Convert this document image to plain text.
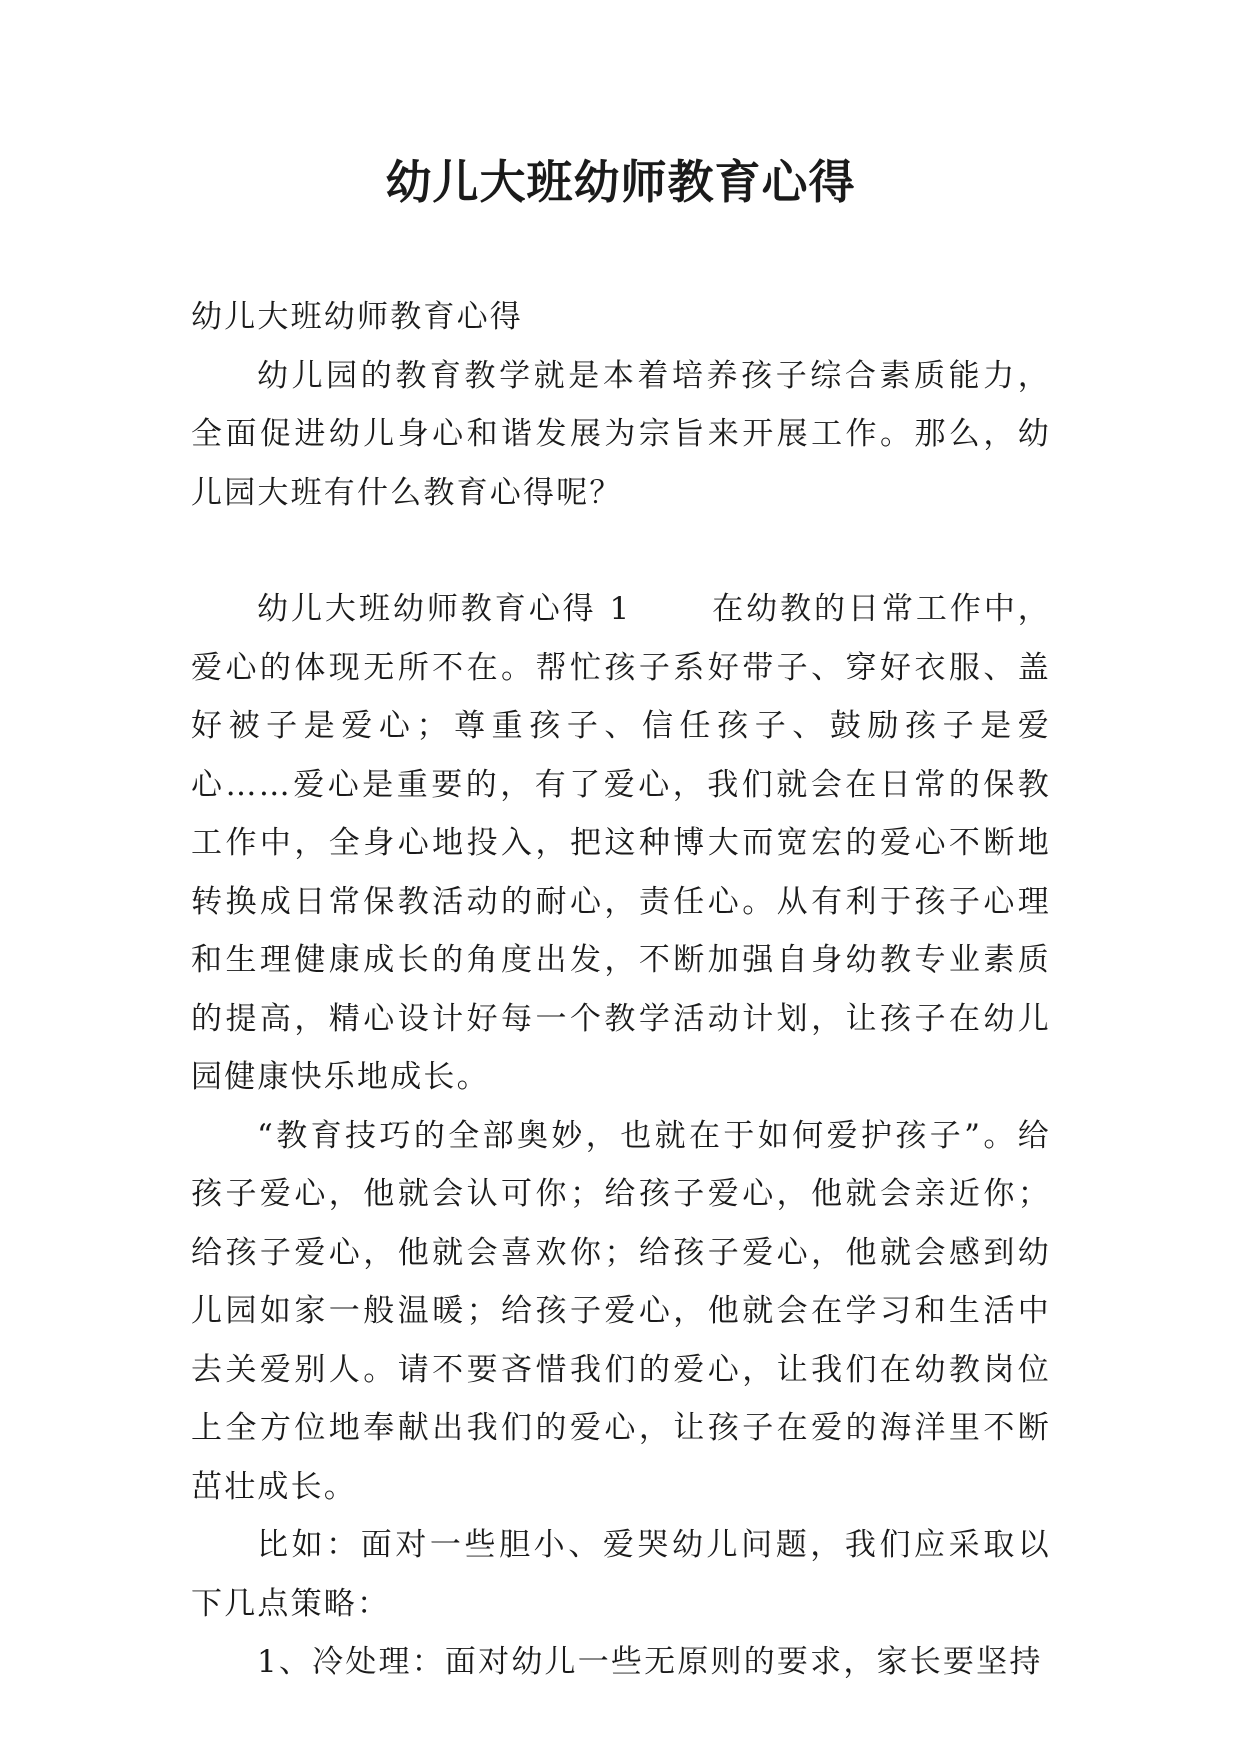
幼儿大班幼师教育心得

幼儿大班幼师教育心得

幼儿园的教育教学就是本着培养孩子综合素质能力，全面促进幼儿身心和谐发展为宗旨来开展工作。那么，幼儿园大班有什么教育心得呢？

幼儿大班幼师教育心得 1	在幼教的日常工作中，爱心的体现无所不在。帮忙孩子系好带子、穿好衣服、盖好被子是爱心；尊重孩子、信任孩子、鼓励孩子是爱心……爱心是重要的，有了爱心，我们就会在日常的保教工作中，全身心地投入，把这种博大而宽宏的爱心不断地转换成日常保教活动的耐心，责任心。从有利于孩子心理和生理健康成长的角度出发，不断加强自身幼教专业素质的提高，精心设计好每一个教学活动计划，让孩子在幼儿园健康快乐地成长。

“教育技巧的全部奥妙，也就在于如何爱护孩子”。给孩子爱心，他就会认可你；给孩子爱心，他就会亲近你；给孩子爱心，他就会喜欢你；给孩子爱心，他就会感到幼儿园如家一般温暖；给孩子爱心，他就会在学习和生活中去关爱别人。请不要吝惜我们的爱心，让我们在幼教岗位上全方位地奉献出我们的爱心，让孩子在爱的海洋里不断茁壮成长。

比如：面对一些胆小、爱哭幼儿问题，我们应采取以下几点策略：

1、冷处理：面对幼儿一些无原则的要求，家长要坚持
